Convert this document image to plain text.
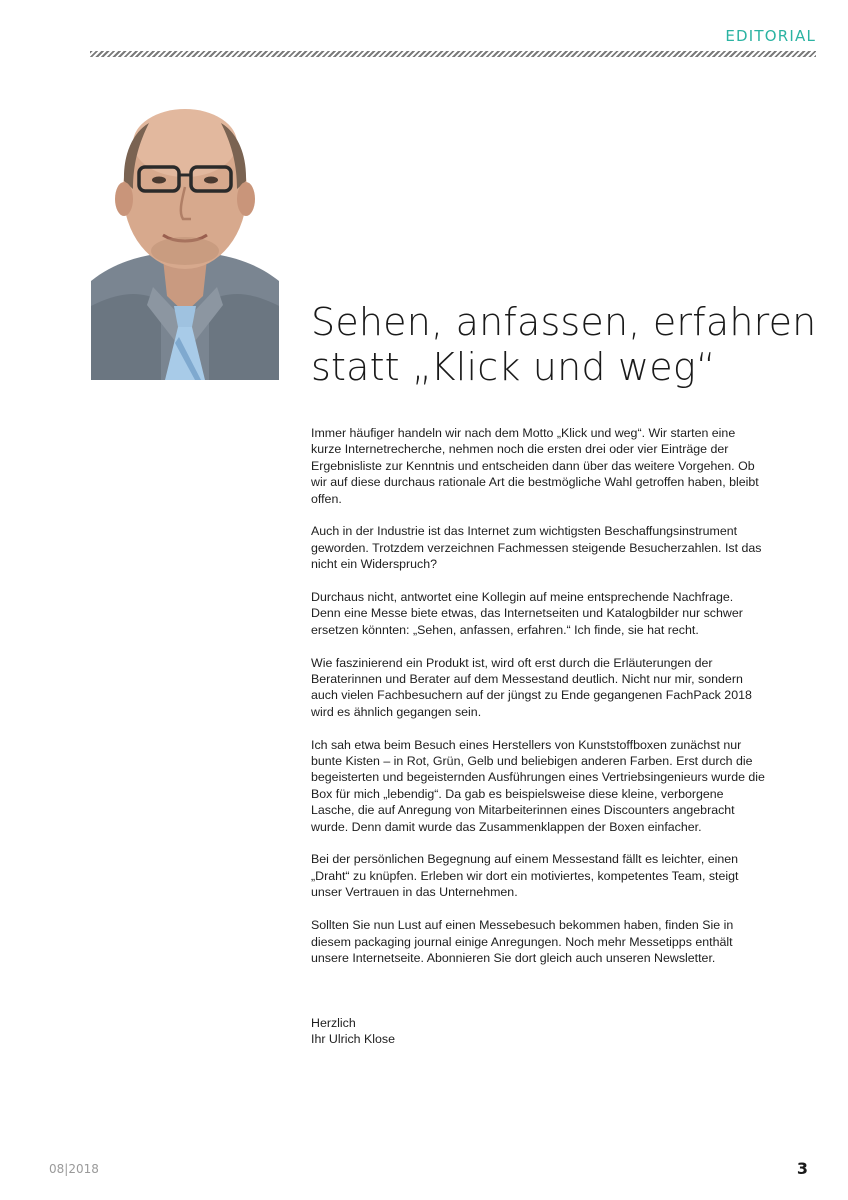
EDITORIAL
Sehen, anfassen, erfahren
statt „Klick und weg“

Immer häufiger handeln wir nach dem Motto „Klick und weg“. Wir starten eine kurze Internetrecherche, nehmen noch die ersten drei oder vier Einträge der Ergebnisliste zur Kenntnis und entscheiden dann über das weitere Vorgehen. Ob wir auf diese durchaus rationale Art die bestmögliche Wahl getroffen haben, bleibt offen.

Auch in der Industrie ist das Internet zum wichtigsten Beschaffungsinstrument geworden. Trotzdem verzeichnen Fachmessen steigende Besucherzahlen. Ist das nicht ein Widerspruch?

Durchaus nicht, antwortet eine Kollegin auf meine entsprechende Nachfrage. Denn eine Messe biete etwas, das Internetseiten und Katalogbilder nur schwer ersetzen könnten: „Sehen, anfassen, erfahren.“ Ich finde, sie hat recht.

Wie faszinierend ein Produkt ist, wird oft erst durch die Erläuterungen der Beraterinnen und Berater auf dem Messestand deutlich. Nicht nur mir, sondern auch vielen Fachbesuchern auf der jüngst zu Ende gegangenen FachPack 2018 wird es ähnlich gegangen sein.

Ich sah etwa beim Besuch eines Herstellers von Kunststoffboxen zunächst nur bunte Kisten – in Rot, Grün, Gelb und beliebigen anderen Farben. Erst durch die begeisterten und begeisternden Ausführungen eines Vertriebsingenieurs wurde die Box für mich „lebendig“. Da gab es beispielsweise diese kleine, verborgene Lasche, die auf Anregung von Mitarbeiterinnen eines Discounters angebracht wurde. Denn damit wurde das Zusammenklappen der Boxen einfacher.

Bei der persönlichen Begegnung auf einem Messestand fällt es leichter, einen „Draht“ zu knüpfen. Erleben wir dort ein motiviertes, kompetentes Team, steigt unser Vertrauen in das Unternehmen.

Sollten Sie nun Lust auf einen Messebesuch bekommen haben, finden Sie in diesem packaging journal einige Anregungen. Noch mehr Messetipps enthält unsere Internetseite. Abonnieren Sie dort gleich auch unseren Newsletter.

Herzlich
Ihr Ulrich Klose
08|2018	3
